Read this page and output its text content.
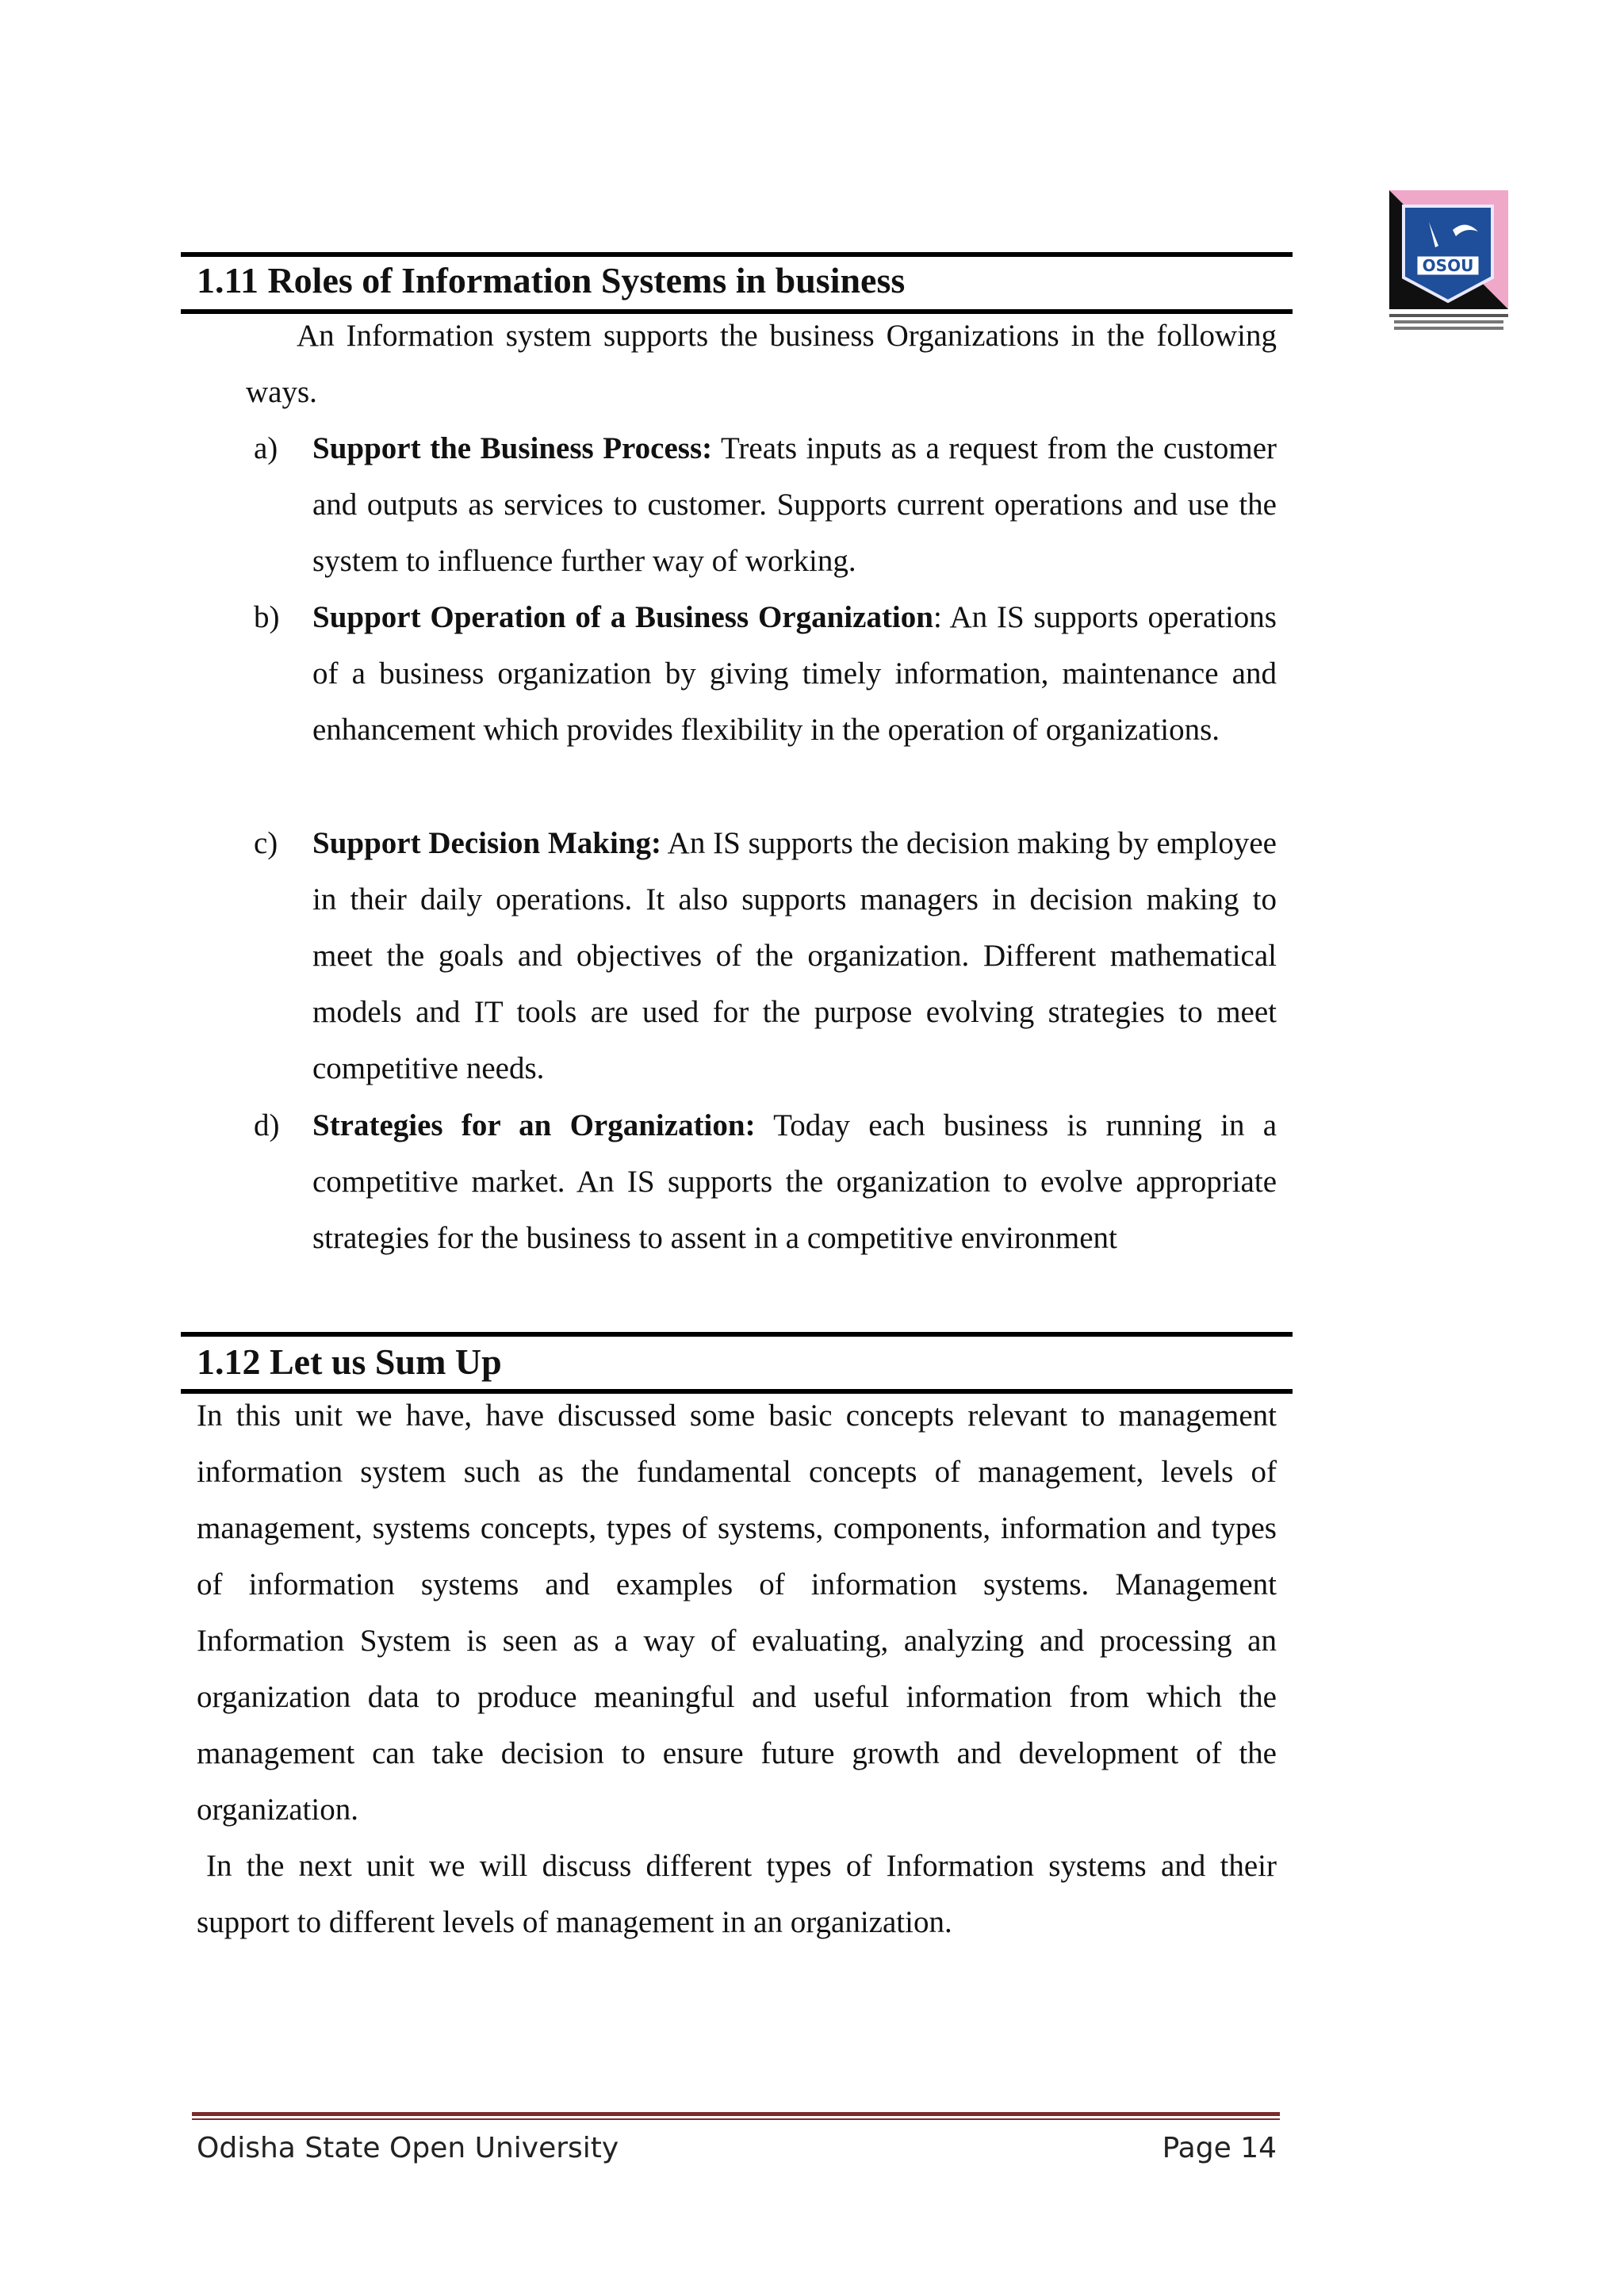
OSOU
1.11 Roles of Information Systems in business
An Information system supports the business Organizations in the following ways.
a) Support the Business Process: Treats inputs as a request from the customer and outputs as services to customer. Supports current operations and use the system to influence further way of working.
b) Support Operation of a Business Organization: An IS supports operations of a business organization by giving timely information, maintenance and enhancement which provides flexibility in the operation of organizations.
c) Support Decision Making: An IS supports the decision making by employee in their daily operations. It also supports managers in decision making to meet the goals and objectives of the organization. Different mathematical models and IT tools are used for the purpose evolving strategies to meet competitive needs.
d) Strategies for an Organization: Today each business is running in a competitive market. An IS supports the organization to evolve appropriate strategies for the business to assent in a competitive environment
1.12 Let us Sum Up
In this unit we have, have discussed some basic concepts relevant to management information system such as the fundamental concepts of management, levels of management, systems concepts, types of systems, components, information and types of information systems and examples of information systems. Management Information System is seen as a way of evaluating, analyzing and processing an organization data to produce meaningful and useful information from which the management can take decision to ensure future growth and development of the organization.
In the next unit we will discuss different types of Information systems and their support to different levels of management in an organization.
Odisha State Open University	Page 14
